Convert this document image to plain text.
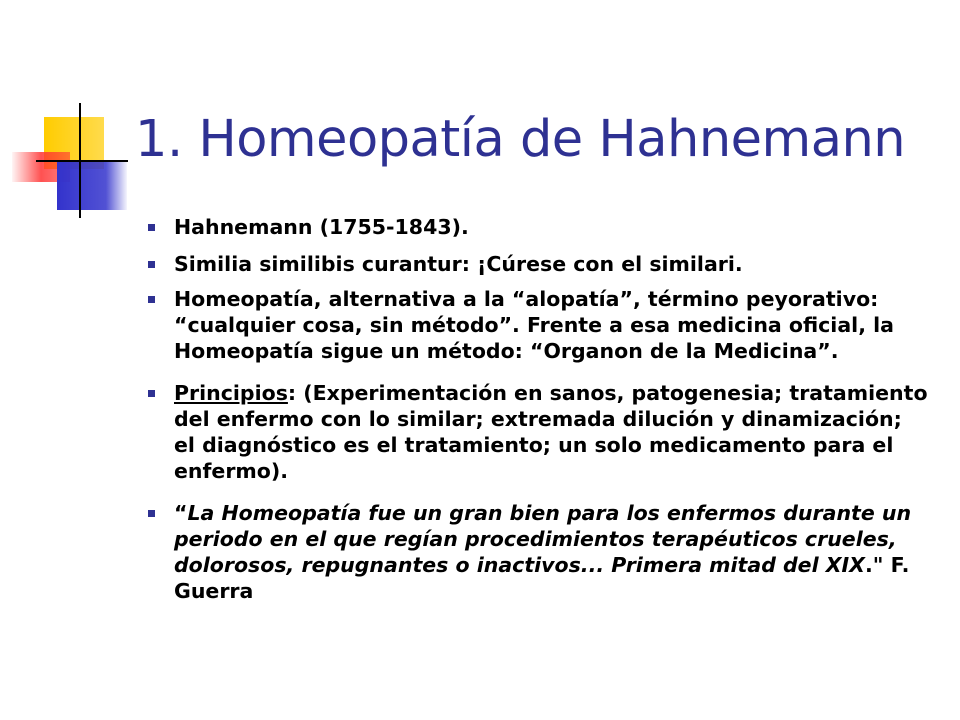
1. Homeopatía de Hahnemann
Hahnemann (1755-1843).
Similia similibis curantur: ¡Cúrese con el similari.
Homeopatía, alternativa a la “alopatía”, término peyorativo: “cualquier cosa, sin método”. Frente a esa medicina oficial, la Homeopatía sigue un método: “Organon de la Medicina”.
Principios: (Experimentación en sanos, patogenesia; tratamiento del enfermo con lo similar; extremada dilución y dinamización; el diagnóstico es el tratamiento; un solo medicamento para el enfermo).
“La Homeopatía fue un gran bien para los enfermos durante un periodo en el que regían procedimientos terapéuticos crueles, dolorosos, repugnantes o inactivos... Primera mitad del XIX." F. Guerra
